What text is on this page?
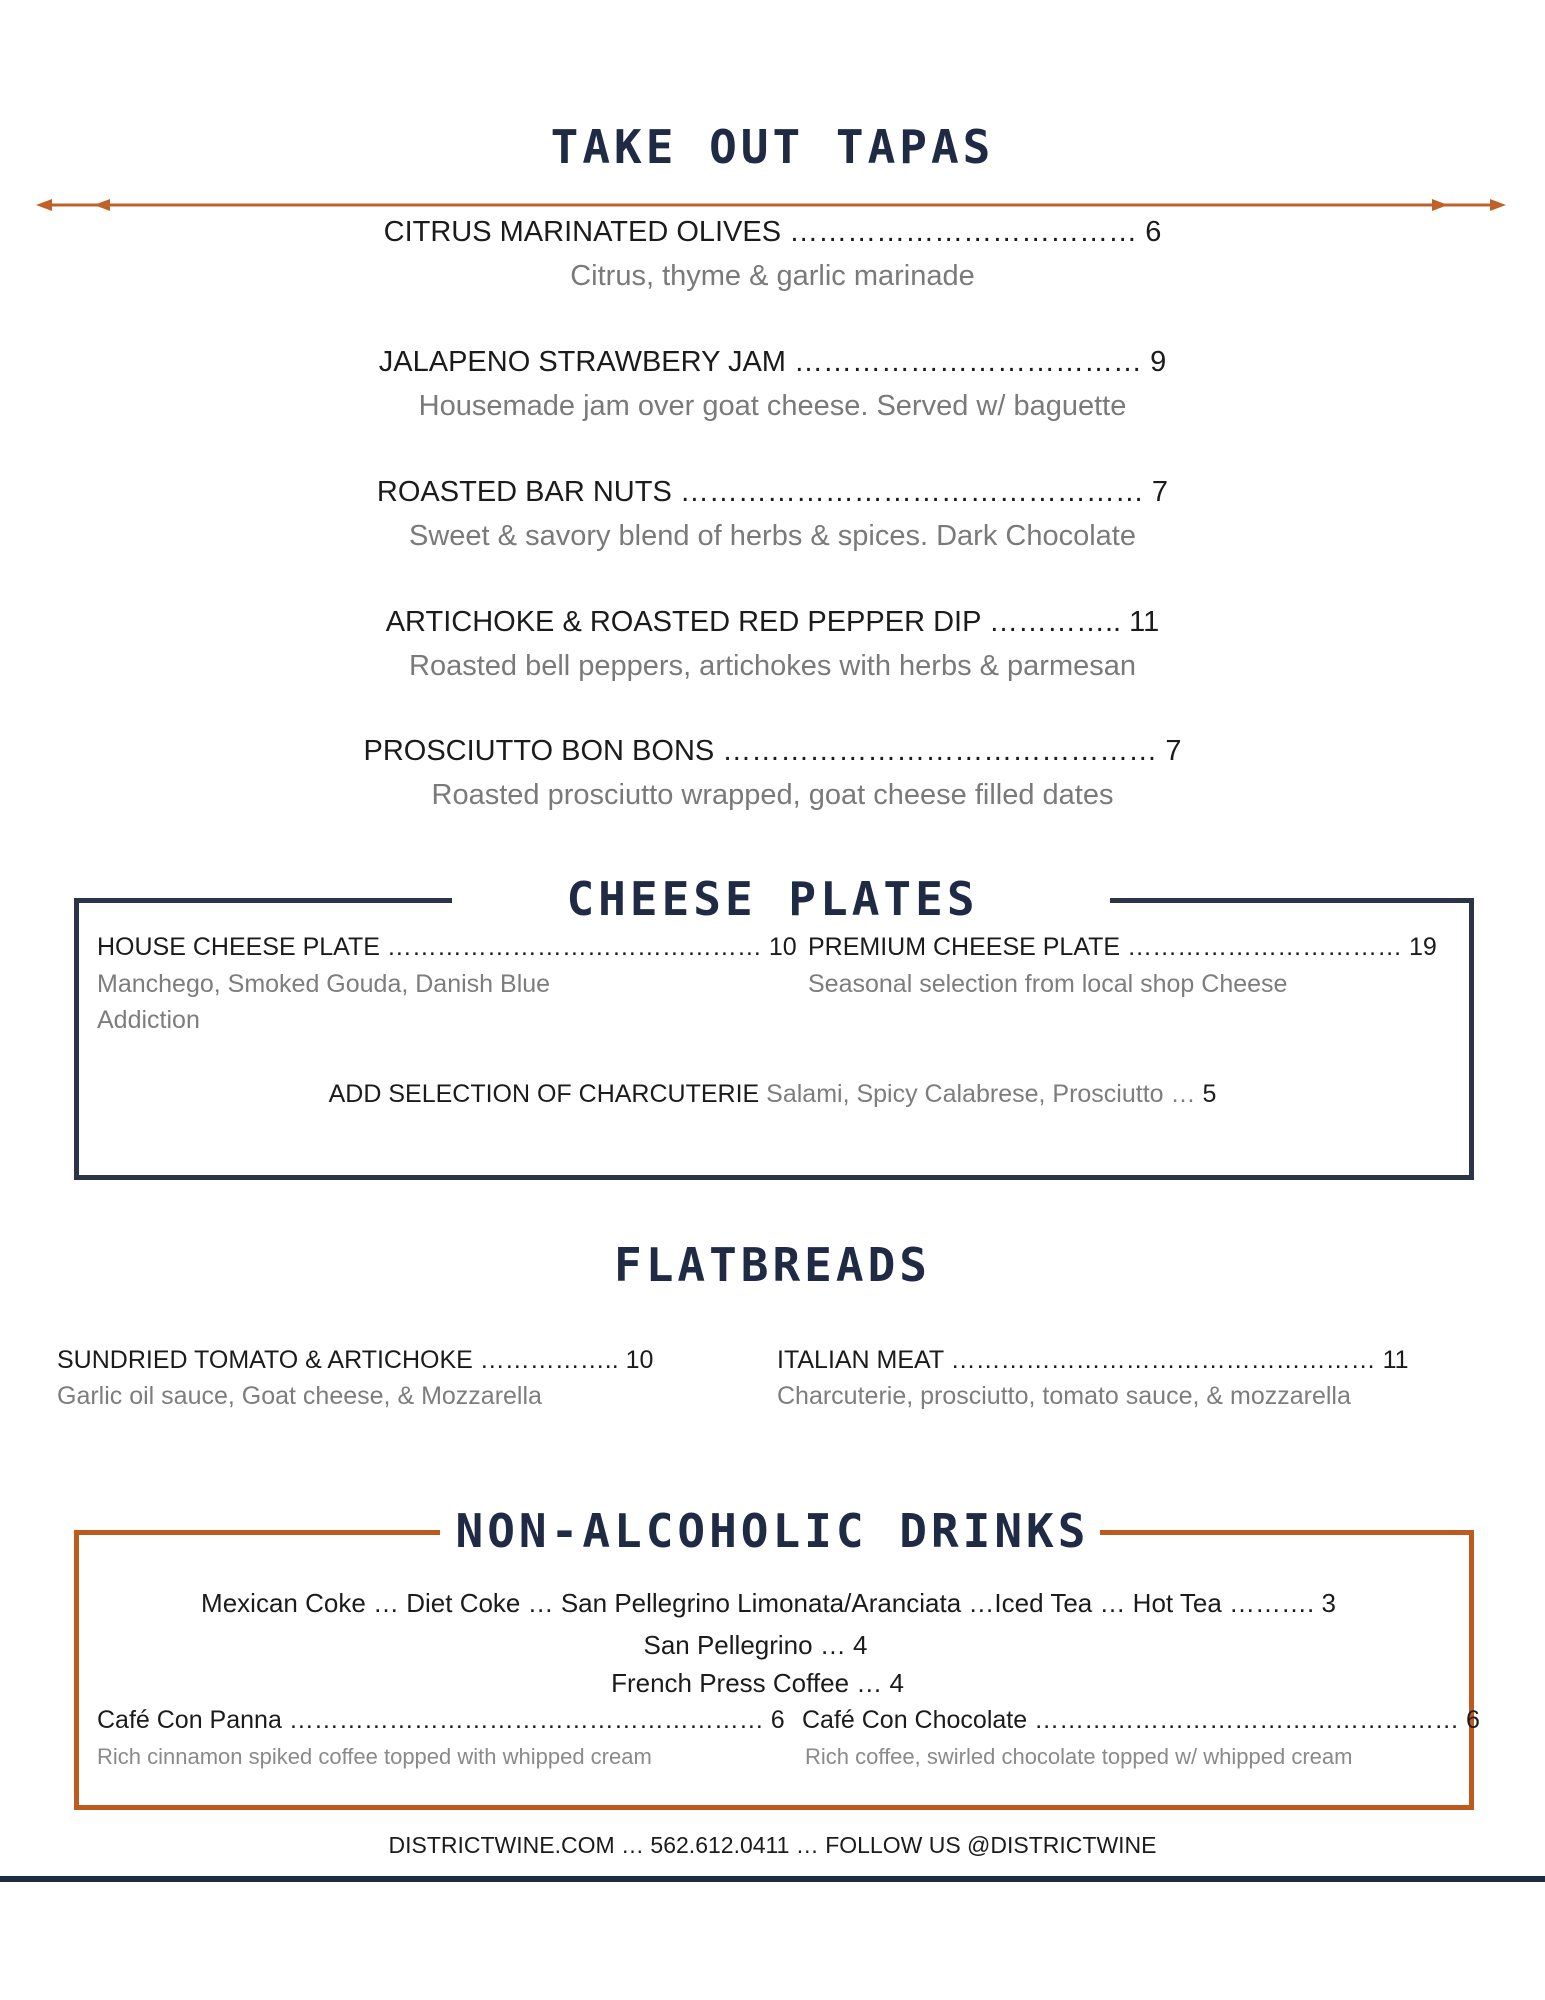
TAKE OUT TAPAS
CITRUS MARINATED OLIVES ……………………………… 6
Citrus, thyme & garlic marinade
JALAPENO STRAWBERY JAM ……………………………… 9
Housemade jam over goat cheese. Served w/ baguette
ROASTED BAR NUTS ………………………………………… 7
Sweet & savory blend of herbs & spices. Dark Chocolate
ARTICHOKE & ROASTED RED PEPPER DIP ………….. 11
Roasted bell peppers, artichokes with herbs & parmesan
PROSCIUTTO BON BONS ……………………………………… 7
Roasted prosciutto wrapped, goat cheese filled dates
CHEESE PLATES
HOUSE CHEESE PLATE ……………………………………… 10
Manchego, Smoked Gouda, Danish Blue
Addiction
PREMIUM CHEESE PLATE …………………………… 19
Seasonal selection from local shop Cheese
ADD SELECTION OF CHARCUTERIE Salami, Spicy Calabrese, Prosciutto … 5
FLATBREADS
SUNDRIED TOMATO & ARTICHOKE …………….. 10
Garlic oil sauce, Goat cheese, & Mozzarella
ITALIAN MEAT …………………………………………… 11
Charcuterie, prosciutto, tomato sauce, & mozzarella
NON-ALCOHOLIC DRINKS
Mexican Coke … Diet Coke … San Pellegrino Limonata/Aranciata …Iced Tea … Hot Tea ………. 3
San Pellegrino … 4
French Press Coffee … 4
Café Con Panna ………………………………………………… 6
Rich cinnamon spiked coffee topped with whipped cream
Café Con Chocolate …………………………………………… 6
Rich coffee, swirled chocolate topped w/ whipped cream
DISTRICTWINE.COM … 562.612.0411 … FOLLOW US @DISTRICTWINE
